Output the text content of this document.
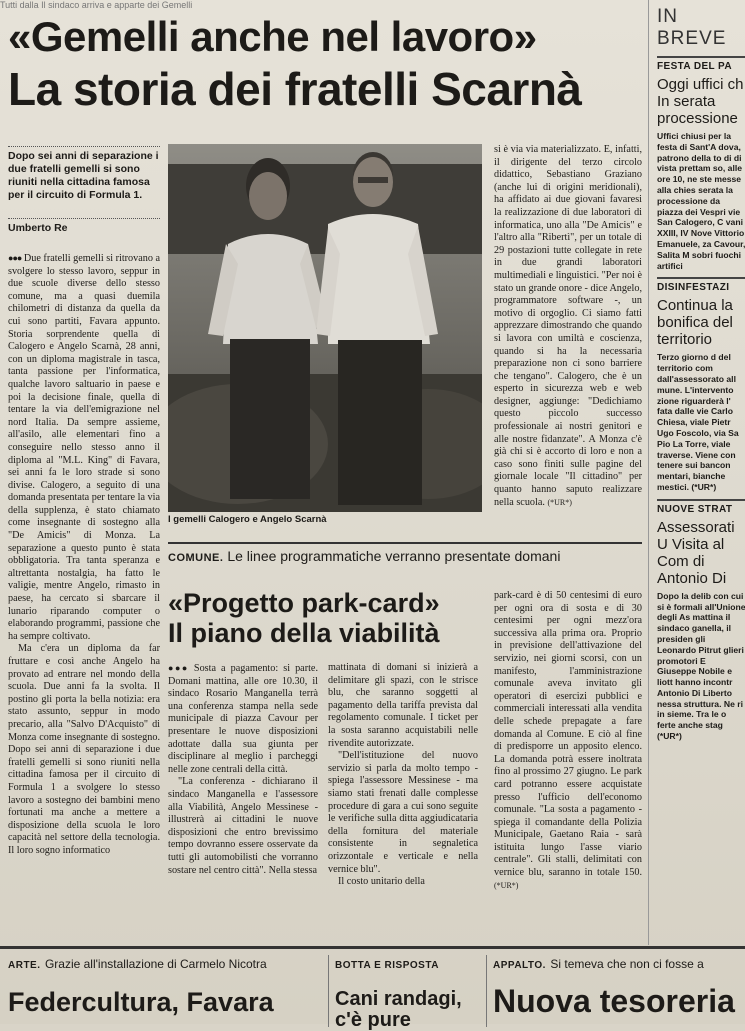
Tutti dalla Il sindaco arriva e apparte dei Gemelli
«Gemelli anche nel lavoro»
La storia dei fratelli Scarnà
Dopo sei anni di separazione i due fratelli gemelli si sono riuniti nella cittadina famosa per il circuito di Formula 1.
Umberto Re

●●● Due fratelli gemelli si ritrovano a svolgere lo stesso lavoro, seppur in due scuole diverse dello stesso comune, ma a quasi duemila chilometri di distanza da quella da cui sono partiti, Favara appunto. Storia sorprendente quella di Calogero e Angelo Scarnà, 28 anni, con un diploma magistrale in tasca, tanta passione per l'informatica, qualche lavoro saltuario in paese e poi la decisione finale, quella di tentare la via dell'emigrazione nel nord Italia. Da sempre assieme, all'asilo, alle elementari fino a conseguire nello stesso anno il diploma al "M.L. King" di Favara, sei anni fa le loro strade si sono divise. Calogero, a seguito di una domanda presentata per tentare la via della supplenza, è stato chiamato come insegnante di sostegno alla "De Amicis" di Monza. La separazione a questo punto è stata obbligatoria. Tra tanta speranza e altrettanta nostalgia, ha fatto le valigie, mentre Angelo, rimasto in paese, ha cercato si sbarcare il lunario riparando computer o elaborando programmi, passione che ha sempre coltivato.

Ma c'era un diploma da far fruttare e così anche Angelo ha provato ad entrare nel mondo della scuola. Due anni fa la svolta. Il postino gli porta la bella notizia: era stato assunto, seppur in modo precario, alla "Salvo D'Acquisto" di Monza come insegnante di sostegno. Dopo sei anni di separazione i due fratelli gemelli si sono riuniti nella cittadina famosa per il circuito di Formula 1 a svolgere lo stesso lavoro a sostegno dei bambini meno fortunati ma anche a mettere a disposizione della scuola le loro capacità nel settore della tecnologia. Il loro sogno informatico

I gemelli Calogero e Angelo Scarnà

si è via via materializzato. E, infatti, il dirigente del terzo circolo didattico, Sebastiano Graziano (anche lui di origini meridionali), ha affidato ai due giovani favaresi la realizzazione di due laboratori di informatica, uno alla "De Amicis" e l'altro alla "Ribertì", per un totale di 29 postazioni tutte collegate in rete in due grandi laboratori multimediali e linguistici. "Per noi è stato un grande onore - dice Angelo, programmatore software -, un motivo di orgoglio. Ci siamo fatti apprezzare dimostrando che quando si lavora con umiltà e coscienza, quando si ha la necessaria preparazione non ci sono barriere che tengano". Calogero, che è un esperto in sicurezza web e web designer, aggiunge: "Dedichiamo questo piccolo successo professionale ai nostri genitori e alle nostre fidanzate". A Monza c'è già chi si è accorto di loro e non a caso sono finiti sulle pagine del giornale locale "Il cittadino" per quanto hanno saputo realizzare nella scuola. (*UR*)

COMUNE. Le linee programmatiche verranno presentate domani
«Progetto park-card»
Il piano della viabilità

●●● Sosta a pagamento: si parte. Domani mattina, alle ore 10.30, il sindaco Rosario Manganella terrà una conferenza stampa nella sede municipale di piazza Cavour per presentare le nuove disposizioni adottate dalla sua giunta per disciplinare al meglio i parcheggi nelle zone centrali della città.

"La conferenza - dichiarano il sindaco Manganella e l'assessore alla Viabilità, Angelo Messinese - illustrerà ai cittadini le nuove disposizioni che entro brevissimo tempo dovranno essere osservate da tutti gli automobilisti che vorranno sostare nel centro città". Nella stessa

mattinata di domani si inizierà a delimitare gli spazi, con le strisce blu, che saranno soggetti al pagamento della tariffa prevista dal regolamento comunale. I ticket per la sosta saranno acquistabili nelle rivendite autorizzate.

"Dell'istituzione del nuovo servizio si parla da molto tempo - spiega l'assessore Messinese - ma siamo stati frenati dalle complesse procedure di gara a cui sono seguite le verifiche sulla ditta aggiudicataria della fornitura del materiale consistente in segnaletica orizzontale e verticale e nella vernice blu".

Il costo unitario della

park-card è di 50 centesimi di euro per ogni ora di sosta e di 30 centesimi per ogni mezz'ora successiva alla prima ora. Proprio in previsione dell'attivazione del servizio, nei giorni scorsi, con un manifesto, l'amministrazione comunale aveva invitato gli operatori di esercizi pubblici e commerciali interessati alla vendita delle schede prepagate a fare domanda al Comune. E ciò al fine di predisporre un apposito elenco. La domanda potrà essere inoltrata fino al prossimo 27 giugno. Le park card potranno essere acquistate presso l'ufficio dell'economo comunale. "La sosta a pagamento - spiega il comandante della Polizia Municipale, Gaetano Raia - sarà istituita lungo l'asse viario centrale". Gli stalli, delimitati con vernice blu, saranno in totale 150. (*UR*)

IN BREVE
FESTA DEL PA
Oggi uffici ch In serata processione
Uffici chiusi per la festa di Sant'A dova, patrono della to di di vista prettam so, alle ore 10, ne ste messe alla chies serata la processione da piazza dei Vespri vie San Calogero, C vani XXIII, IV Nove Vittorio Emanuele, za Cavour, Salita M sobri fuochi artifici
DISINFESTAZI
Continua la bonifica del territorio
Terzo giorno d del territorio com dall'assessorato all mune. L'intervento zione riguarderà l' fata dalle vie Carlo Chiesa, viale Pietr Ugo Foscolo, via Sa Pio La Torre, viale traverse. Viene con tenere sui bancon mentari, bianche mestici. (*UR*)
NUOVE STRAT
Assessorati U Visita al Com di Antonio Di
Dopo la delib con cui si è formali all'Unione degli As mattina il sindaco ganella, il presiden gli Leonardo Pitrut glieri promotori E Giuseppe Nobile e liott hanno incontr Antonio Di Liberto nessa struttura. Ne ri in sieme. Tra le o ferte anche stag (*UR*)
ARTE. Grazie all'installazione di Carmelo Nicotra
Federcultura, Favara
BOTTA E RISPOSTA
Cani randagi,
c'è pure
APPALTO. Si temeva che non ci fosse a
Nuova tesoreria
